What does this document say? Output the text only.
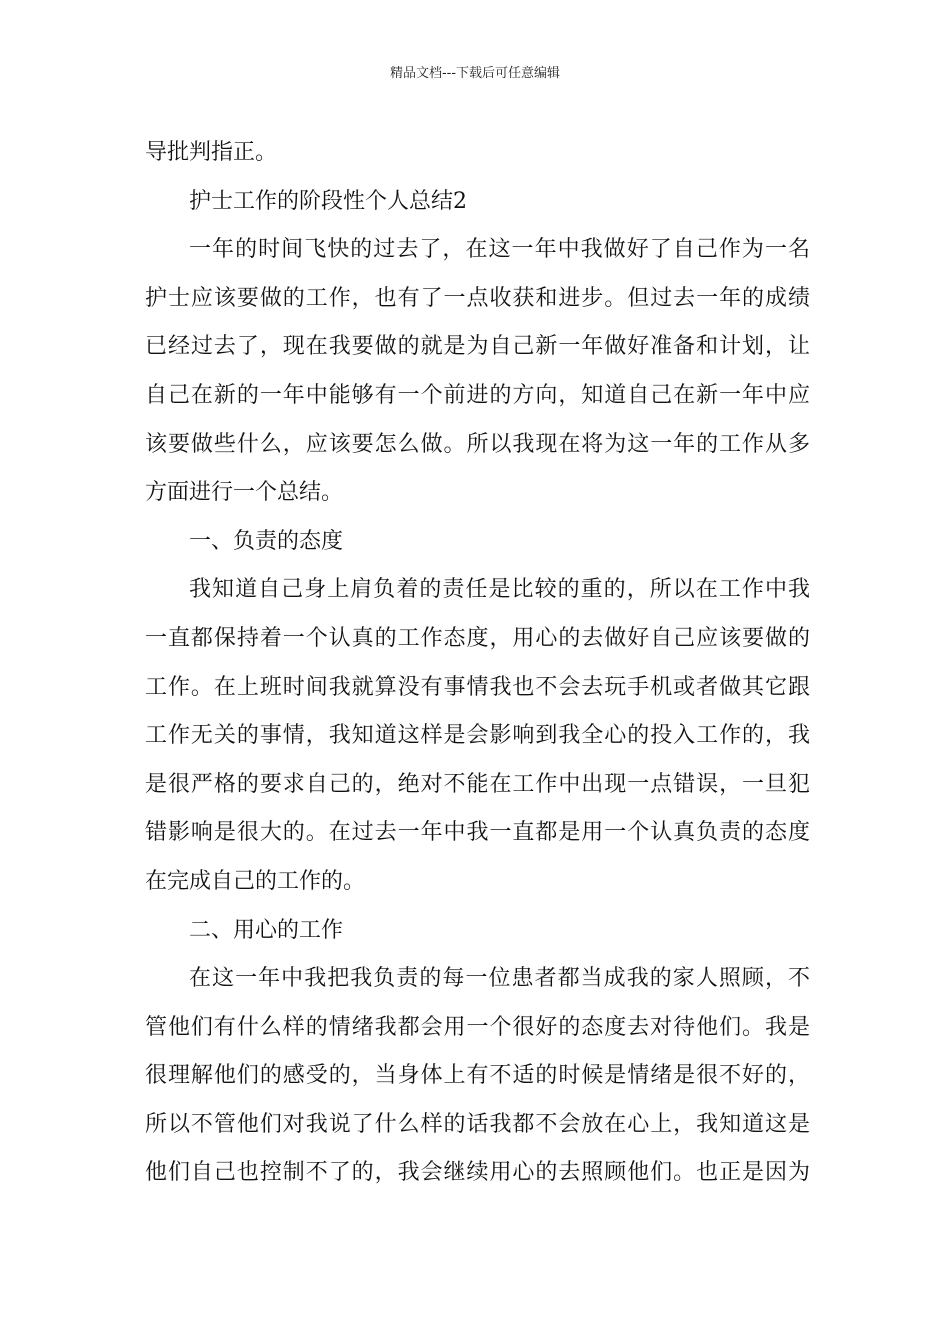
精品文档---下载后可任意编辑
导批判指正。
护士工作的阶段性个人总结2
一年的时间飞快的过去了，在这一年中我做好了自己作为一名
护士应该要做的工作，也有了一点收获和进步。但过去一年的成绩
已经过去了，现在我要做的就是为自己新一年做好准备和计划，让
自己在新的一年中能够有一个前进的方向，知道自己在新一年中应
该要做些什么，应该要怎么做。所以我现在将为这一年的工作从多
方面进行一个总结。
一、负责的态度
我知道自己身上肩负着的责任是比较的重的，所以在工作中我
一直都保持着一个认真的工作态度，用心的去做好自己应该要做的
工作。在上班时间我就算没有事情我也不会去玩手机或者做其它跟
工作无关的事情，我知道这样是会影响到我全心的投入工作的，我
是很严格的要求自己的，绝对不能在工作中出现一点错误，一旦犯
错影响是很大的。在过去一年中我一直都是用一个认真负责的态度
在完成自己的工作的。
二、用心的工作
在这一年中我把我负责的每一位患者都当成我的家人照顾，不
管他们有什么样的情绪我都会用一个很好的态度去对待他们。我是
很理解他们的感受的，当身体上有不适的时候是情绪是很不好的，
所以不管他们对我说了什么样的话我都不会放在心上，我知道这是
他们自己也控制不了的，我会继续用心的去照顾他们。也正是因为
